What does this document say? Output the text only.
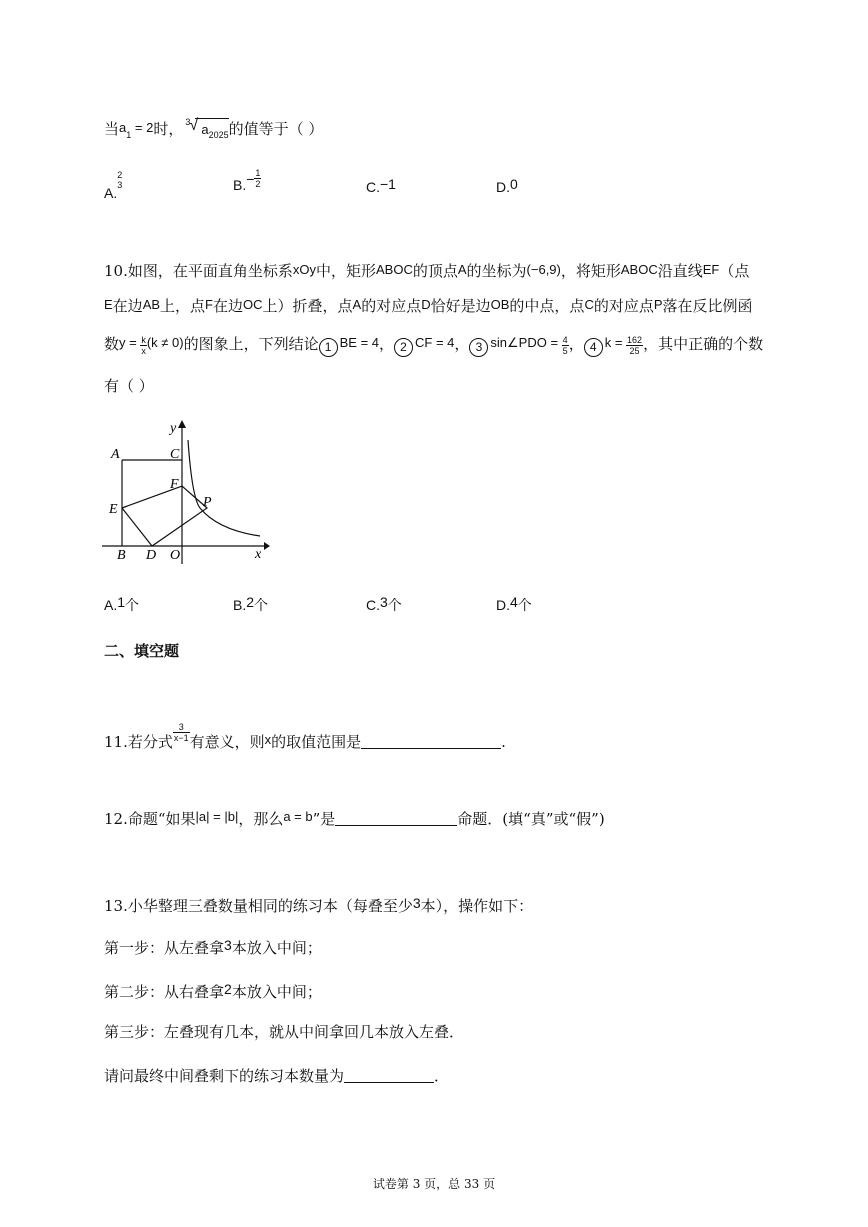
当$a_1 = 2$时， 3
√ $a_{2025}$的值等于（ ）
A.
2
3	$B.- \frac{1}{2}$	C.−1	D.0
10.如图，在平面直角坐标系xOy中，矩形ABOC的顶点A的坐标为(−6,9)，将矩形ABOC沿直线EF（点
E在边AB上，点F在边OC上）折叠，点A的对应点D恰好是边OB的中点，点C的对应点P落在反比例函
数$y = \frac{k}{x} (k \ne 0)$的图象上，下列结论 1 BE = 4， 2 CF = 4， 3 sin∠PDO = $\frac{4}{5}$ ， 4 $k = \frac{162}{25}$ ，其中正确的个数
有（ ）
y
x
A	C
F
E	P
B D O
A.1个	B.2个	C.3个	D.4个
二、填空题
11.若分式 $\frac{3}{x-1}$ 有意义，则x的取值范围是	.
12.命题“如果|a| = |b|，那么a = b”是	命题．(填“真”或“假”)
13.小华整理三叠数量相同的练习本（每叠至少3本），操作如下：
第一步：从左叠拿3本放入中间；
第二步：从右叠拿2本放入中间；
第三步：左叠现有几本，就从中间拿回几本放入左叠．
请问最终中间叠剩下的练习本数量为	．
试卷第 3 页，总 33 页
